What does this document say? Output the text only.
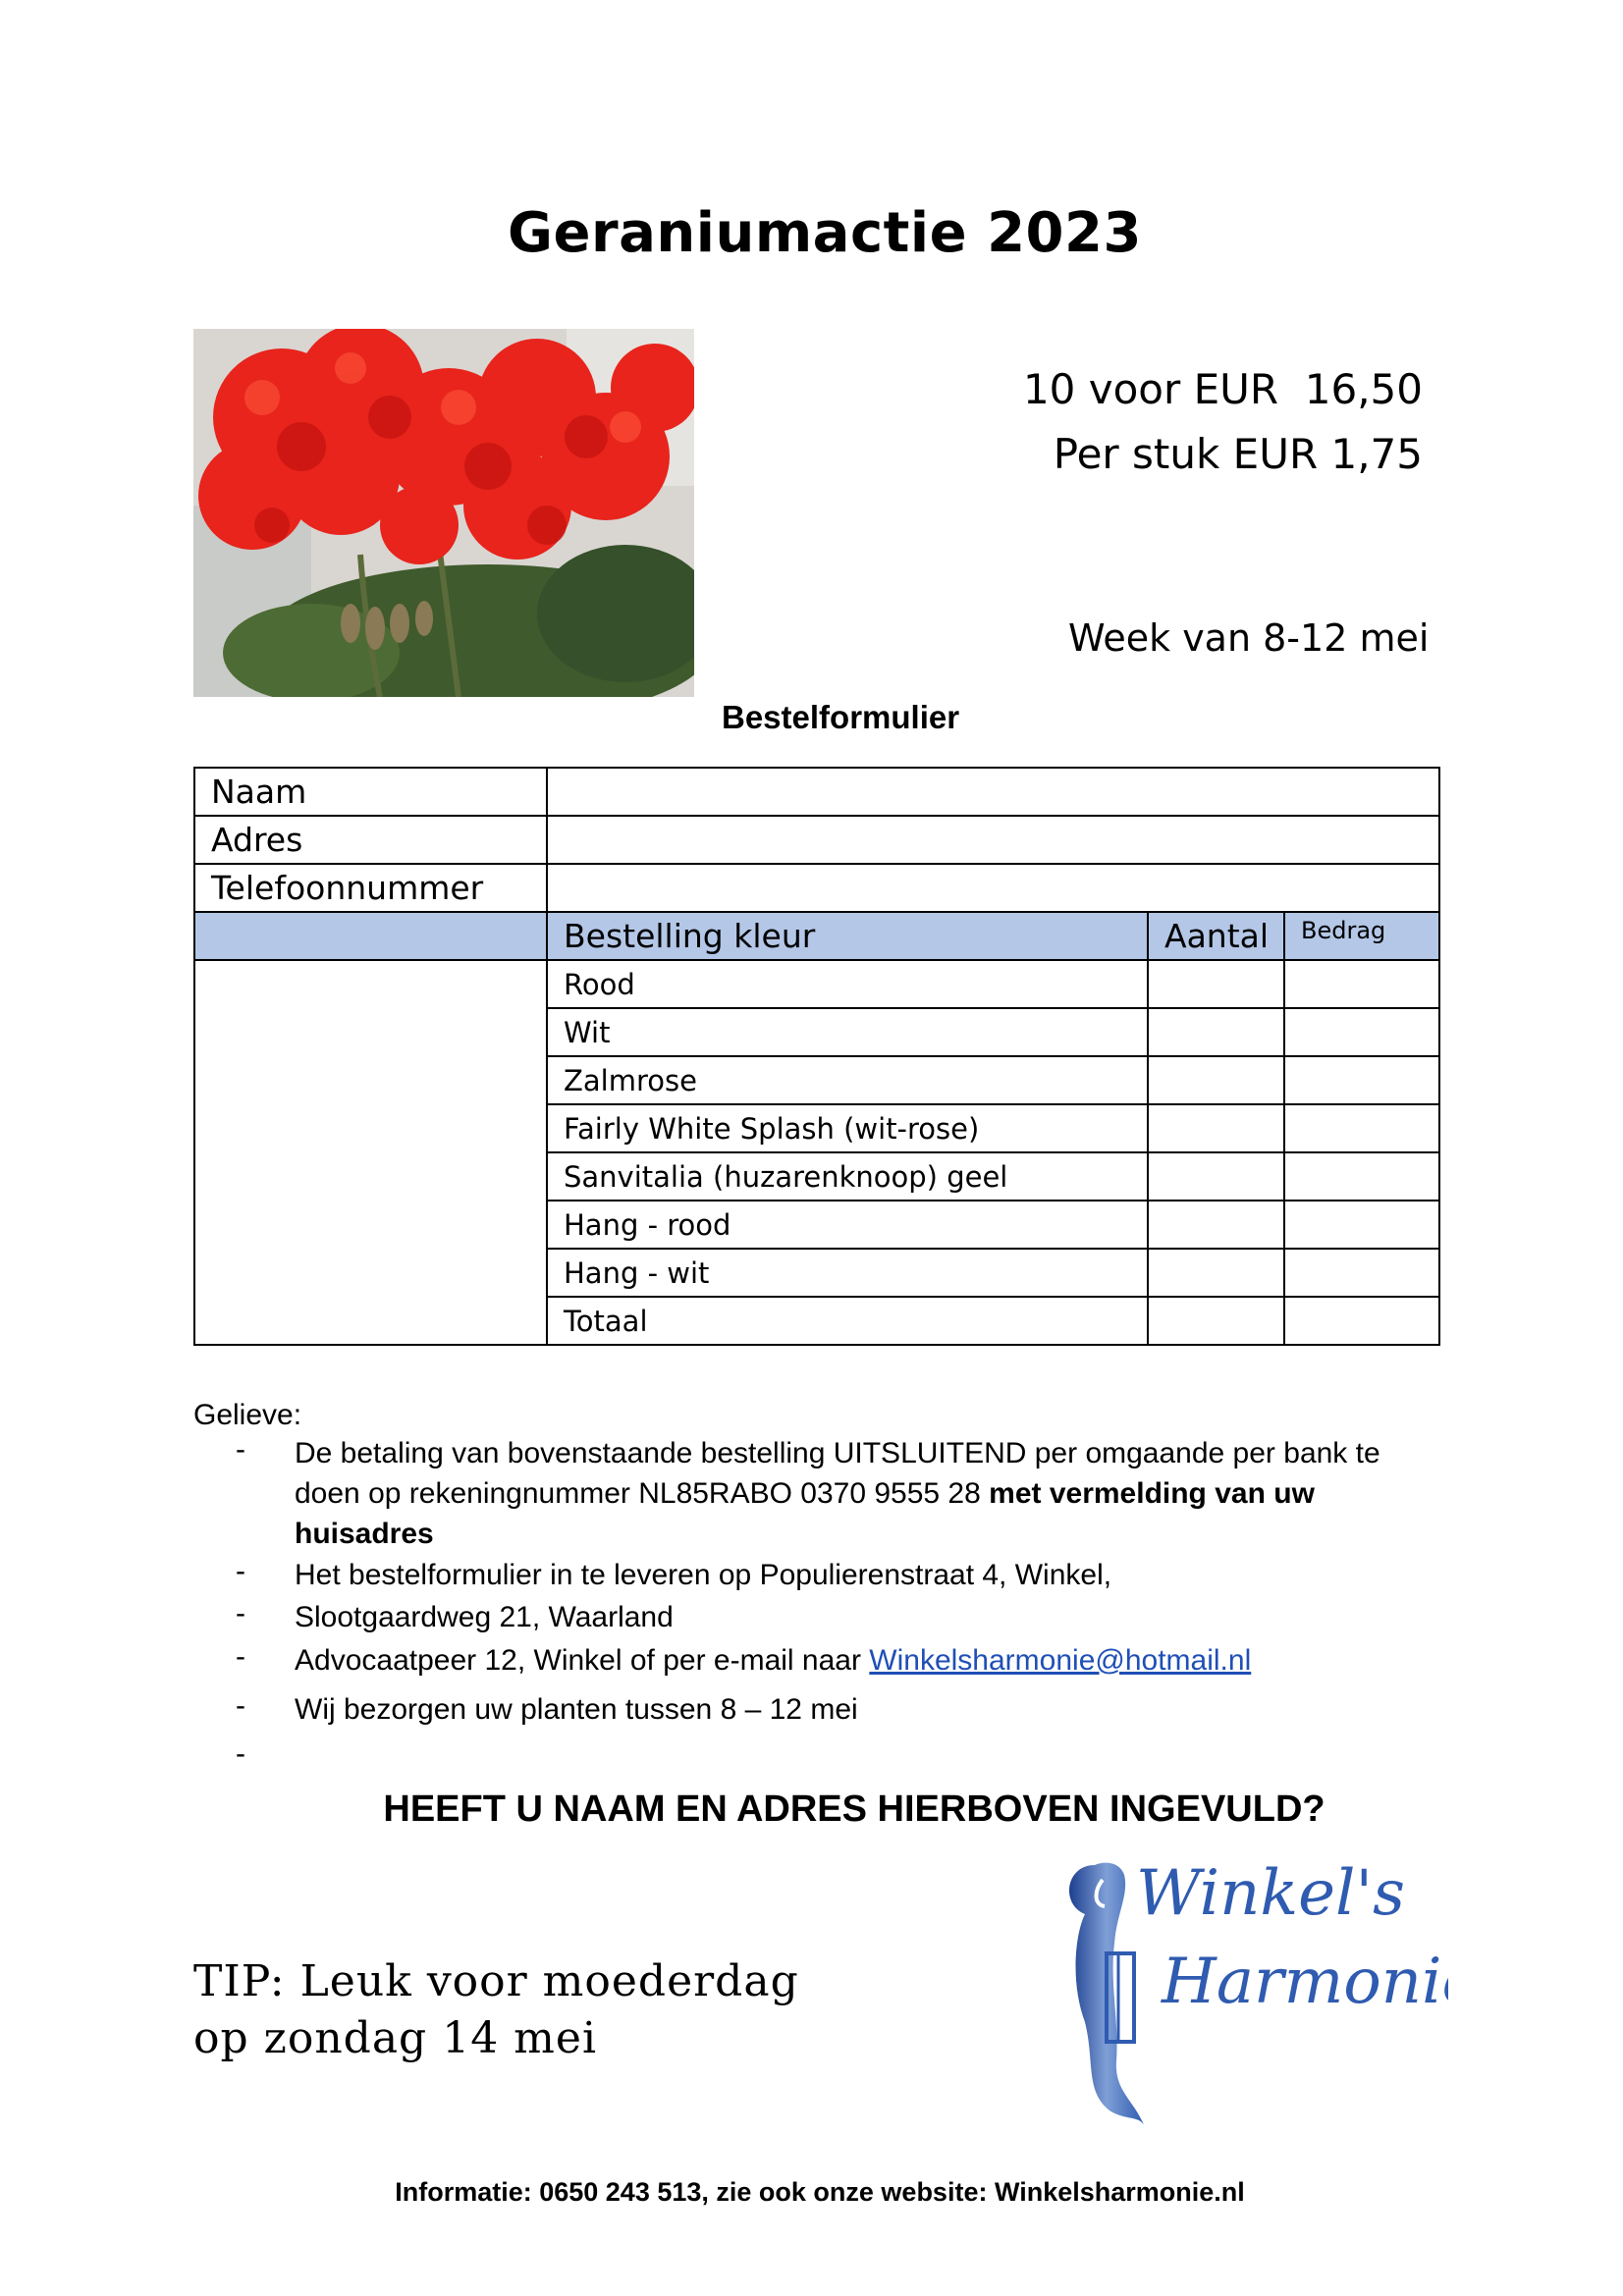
Geraniumactie 2023
10 voor EUR  16,50
Per stuk EUR 1,75
Week van 8-12 mei
Bestelformulier
Naam			
Adres			
Telefoonnummer			
	Bestelling kleur	Aantal	Bedrag
	Rood		
	Wit		
	Zalmrose		
	Fairly White Splash (wit-rose)		
	Sanvitalia (huzarenknoop) geel		
	Hang - rood		
	Hang - wit		
	Totaal		
Gelieve:
- De betaling van bovenstaande bestelling UITSLUITEND per omgaande per bank te doen op rekeningnummer NL85RABO 0370 9555 28 met vermelding van uw huisadres
- Het bestelformulier in te leveren op Populierenstraat 4, Winkel,
- Slootgaardweg 21, Waarland
- Advocaatpeer 12, Winkel of per e-mail naar Winkelsharmonie@hotmail.nl
- Wij bezorgen uw planten tussen 8 – 12 mei
-
HEEFT U NAAM EN ADRES HIERBOVEN INGEVULD?
TIP: Leuk voor moederdag
op zondag 14 mei
Winkel's
Harmonie
Informatie: 0650 243 513, zie ook onze website: Winkelsharmonie.nl
